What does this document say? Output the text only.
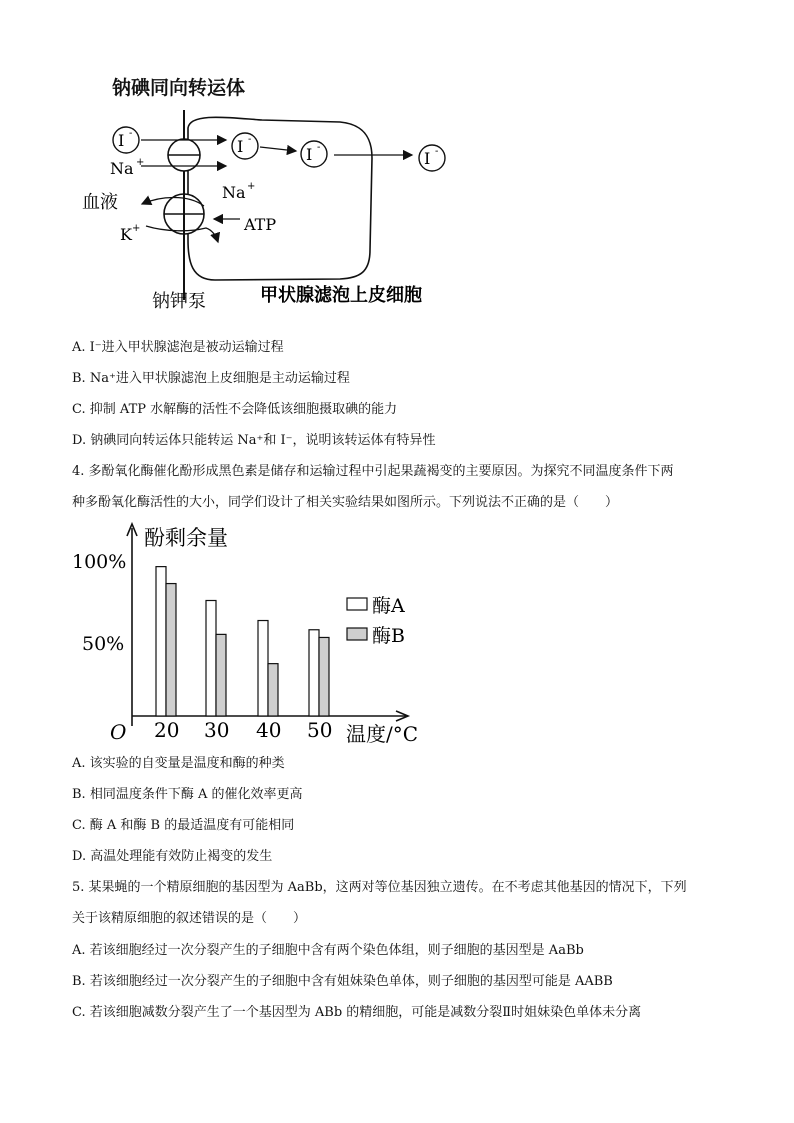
钠碘同向转运体
I -
I -
I -
I -
Na +
血液	Na +
ATP
K +
钠钾泵	甲状腺滤泡上皮细胞
A. I⁻进入甲状腺滤泡是被动运输过程
B. Na⁺进入甲状腺滤泡上皮细胞是主动运输过程
C. 抑制 ATP 水解酶的活性不会降低该细胞摄取碘的能力
D. 钠碘同向转运体只能转运 Na⁺和 I⁻，说明该转运体有特异性
4. 多酚氧化酶催化酚形成黑色素是储存和运输过程中引起果蔬褐变的主要原因。为探究不同温度条件下两
种多酚氧化酶活性的大小，同学们设计了相关实验结果如图所示。下列说法不正确的是（　　）
酚剩余量
O	温度/°C
100%
50%
酶A
酶B
20 30 40 50
A. 该实验的自变量是温度和酶的种类
B. 相同温度条件下酶 A 的催化效率更高
C. 酶 A 和酶 B 的最适温度有可能相同
D. 高温处理能有效防止褐变的发生
5. 某果蝇的一个精原细胞的基因型为 AaBb，这两对等位基因独立遗传。在不考虑其他基因的情况下，下列
关于该精原细胞的叙述错误的是（　　）
A. 若该细胞经过一次分裂产生的子细胞中含有两个染色体组，则子细胞的基因型是 AaBb
B. 若该细胞经过一次分裂产生的子细胞中含有姐妹染色单体，则子细胞的基因型可能是 AABB
C. 若该细胞减数分裂产生了一个基因型为 ABb 的精细胞，可能是减数分裂Ⅱ时姐妹染色单体未分离
